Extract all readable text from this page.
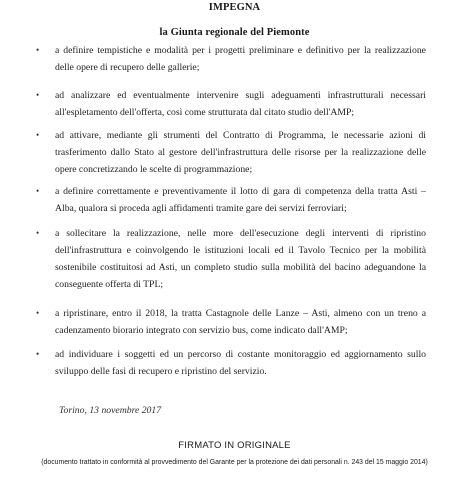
IMPEGNA
la Giunta regionale del Piemonte
•	a definire tempistiche e modalità per i progetti preliminare e definitivo per la realizzazione delle opere di recupero delle gallerie;
•	ad analizzare ed eventualmente intervenire sugli adeguamenti infrastrutturali necessari all'espletamento dell'offerta, così come strutturata dal citato studio dell'AMP;
•	ad attivare, mediante gli strumenti del Contratto di Programma, le necessarie azioni di trasferimento dallo Stato al gestore dell'infrastruttura delle risorse per la realizzazione delle opere concretizzando le scelte di programmazione;
•	a definire correttamente e preventivamente il lotto di gara di competenza della tratta Asti – Alba, qualora si proceda agli affidamenti tramite gare dei servizi ferroviari;
•	a sollecitare la realizzazione, nelle more dell'esecuzione degli interventi di ripristino dell'infrastruttura e coinvolgendo le istituzioni locali ed il Tavolo Tecnico per la mobilità sostenibile costituitosi ad Asti, un completo studio sulla mobilità del bacino adeguandone la conseguente offerta di TPL;
•	a ripristinare, entro il 2018, la tratta Castagnole delle Lanze – Asti, almeno con un treno a cadenzamento biorario integrato con servizio bus, come indicato dall'AMP;
•	ad individuare i soggetti ed un percorso di costante monitoraggio ed aggiornamento sullo sviluppo delle fasi di recupero e ripristino del servizio.
Torino, 13 novembre 2017
FIRMATO IN ORIGINALE
(documento trattato in conformità al provvedimento del Garante per la protezione dei dati personali n. 243 del 15 maggio 2014)
